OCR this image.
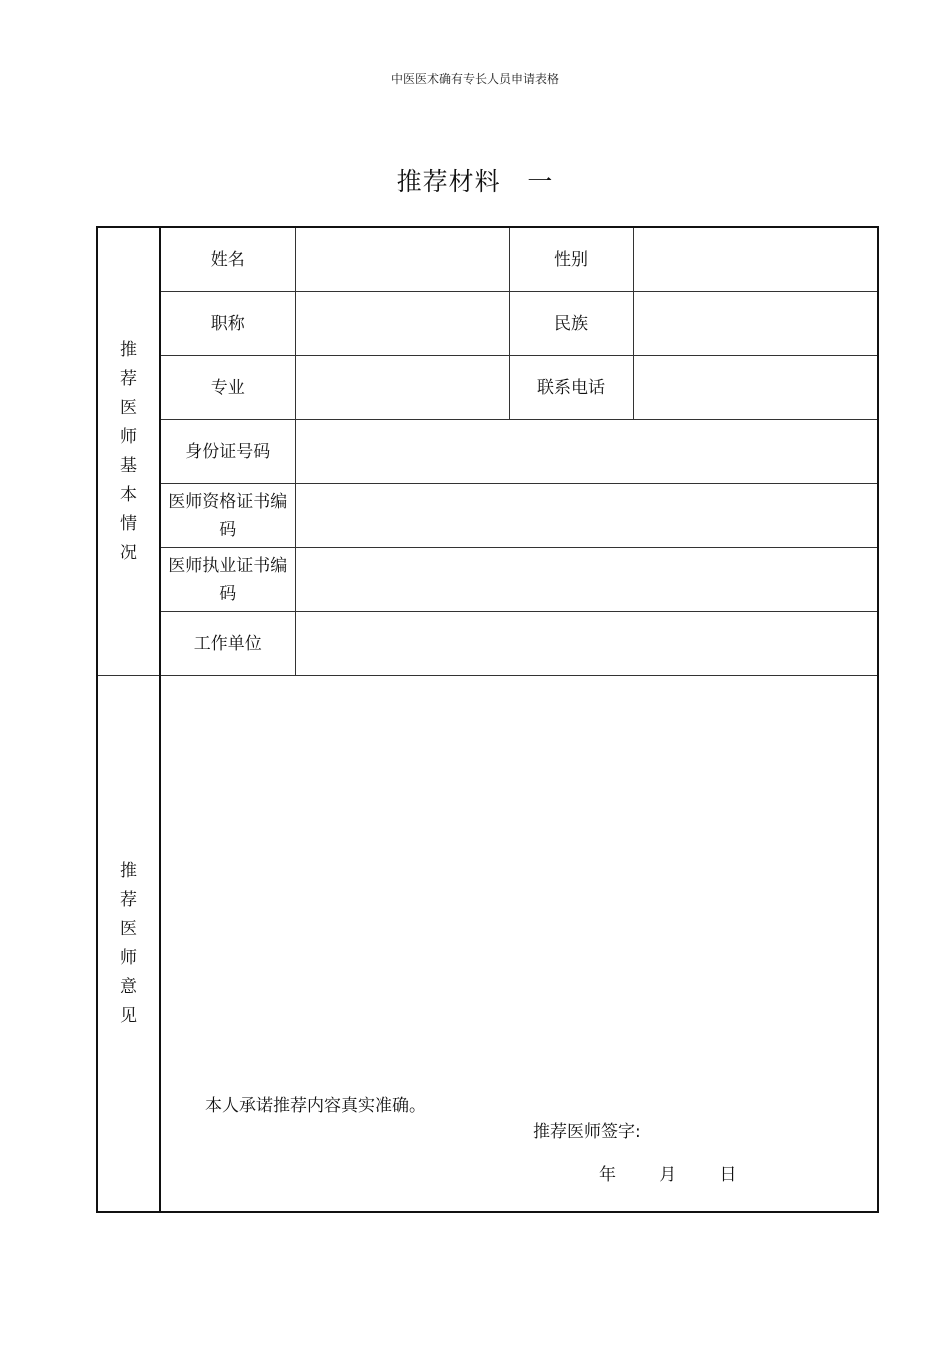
中医医术确有专长人员申请表格
推荐材料   一
推荐医师基本情况	姓名		性别	
	职称		民族	
	专业		联系电话	
	身份证号码			
	医师资格证书编码			
	医师执业证书编码			
	工作单位			
推荐医师意见	本人承诺推荐内容真实准确。
推荐医师签字:
年        月        日			
